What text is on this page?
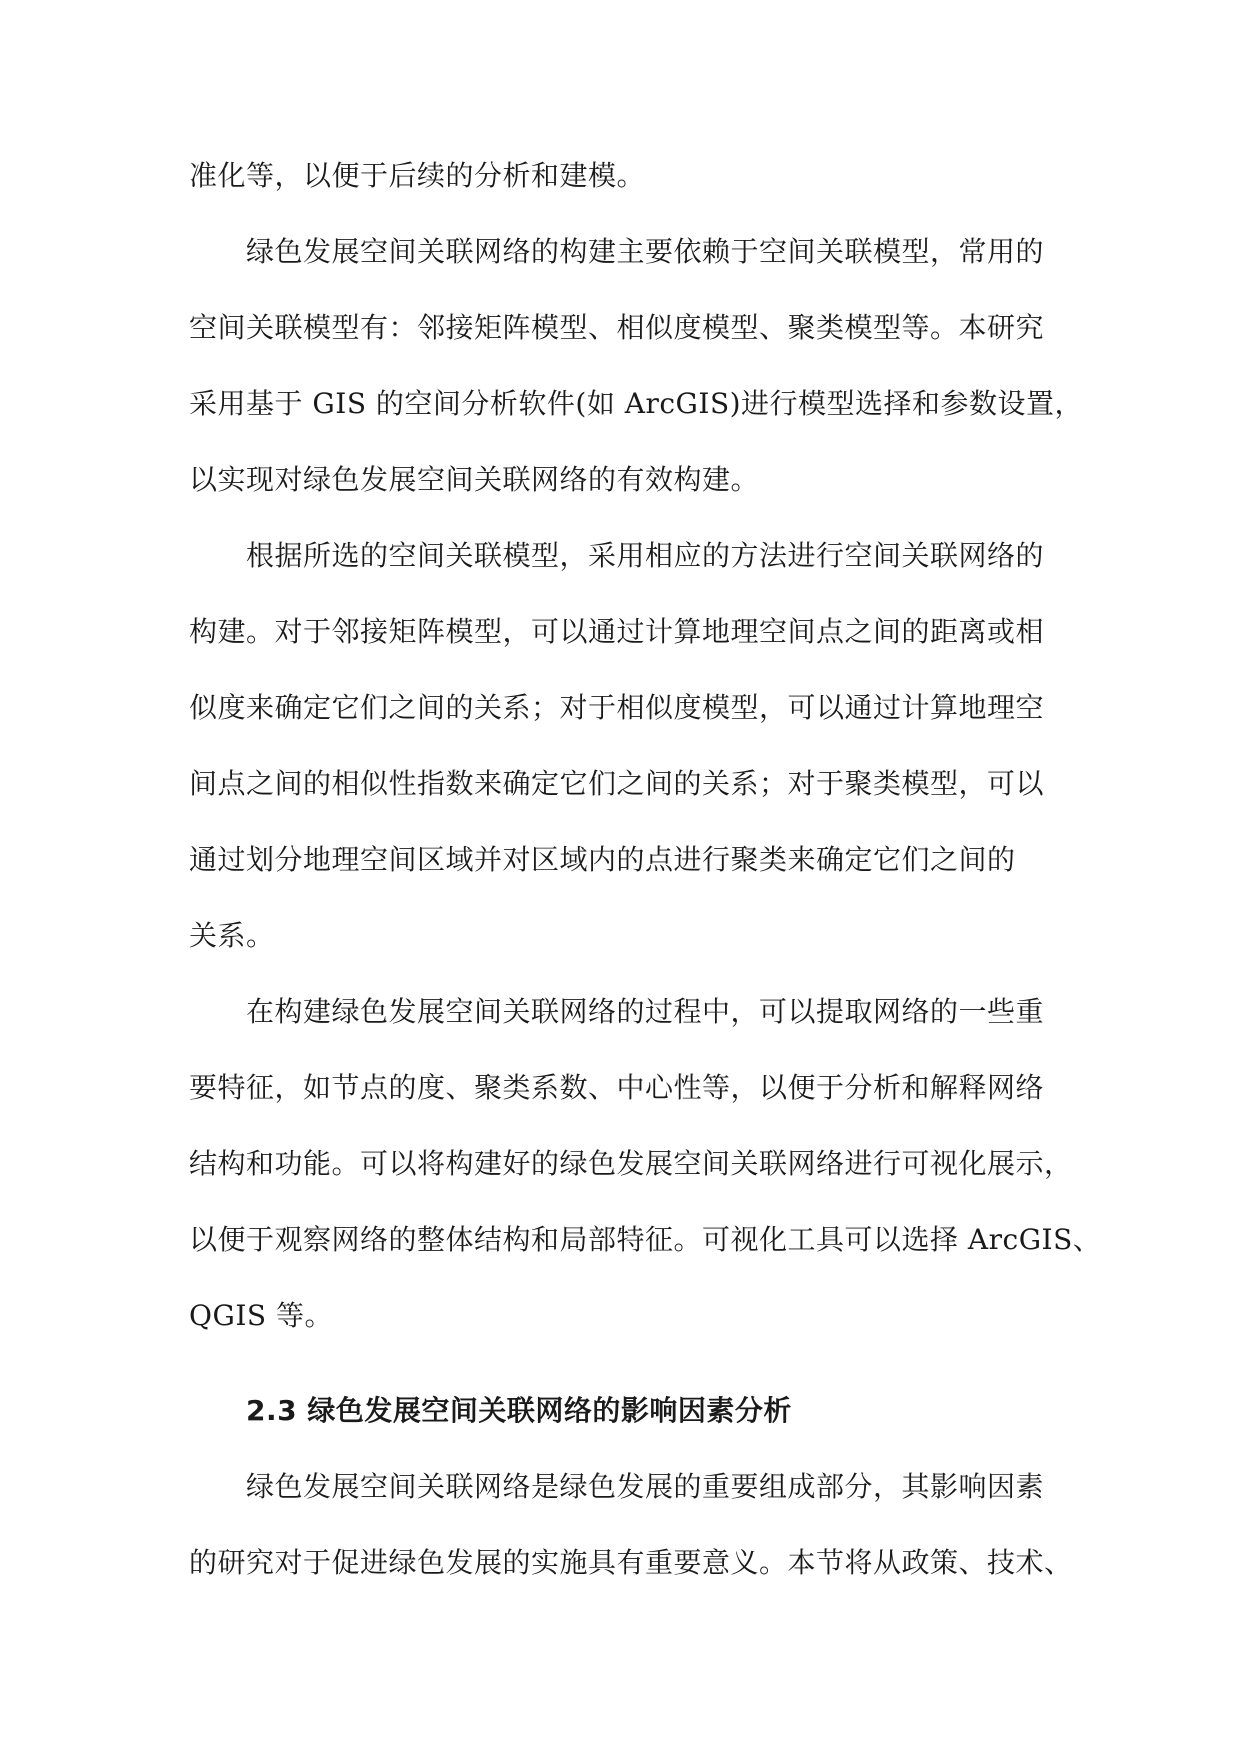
准化等，以便于后续的分析和建模。
绿色发展空间关联网络的构建主要依赖于空间关联模型，常用的
空间关联模型有：邻接矩阵模型、相似度模型、聚类模型等。本研究
采用基于 GIS 的空间分析软件(如 ArcGIS)进行模型选择和参数设置，
以实现对绿色发展空间关联网络的有效构建。
根据所选的空间关联模型，采用相应的方法进行空间关联网络的
构建。对于邻接矩阵模型，可以通过计算地理空间点之间的距离或相
似度来确定它们之间的关系；对于相似度模型，可以通过计算地理空
间点之间的相似性指数来确定它们之间的关系；对于聚类模型，可以
通过划分地理空间区域并对区域内的点进行聚类来确定它们之间的
关系。
在构建绿色发展空间关联网络的过程中，可以提取网络的一些重
要特征，如节点的度、聚类系数、中心性等，以便于分析和解释网络
结构和功能。可以将构建好的绿色发展空间关联网络进行可视化展示，
以便于观察网络的整体结构和局部特征。可视化工具可以选择 ArcGIS、
QGIS 等。
2.3 绿色发展空间关联网络的影响因素分析
绿色发展空间关联网络是绿色发展的重要组成部分，其影响因素
的研究对于促进绿色发展的实施具有重要意义。本节将从政策、技术、
